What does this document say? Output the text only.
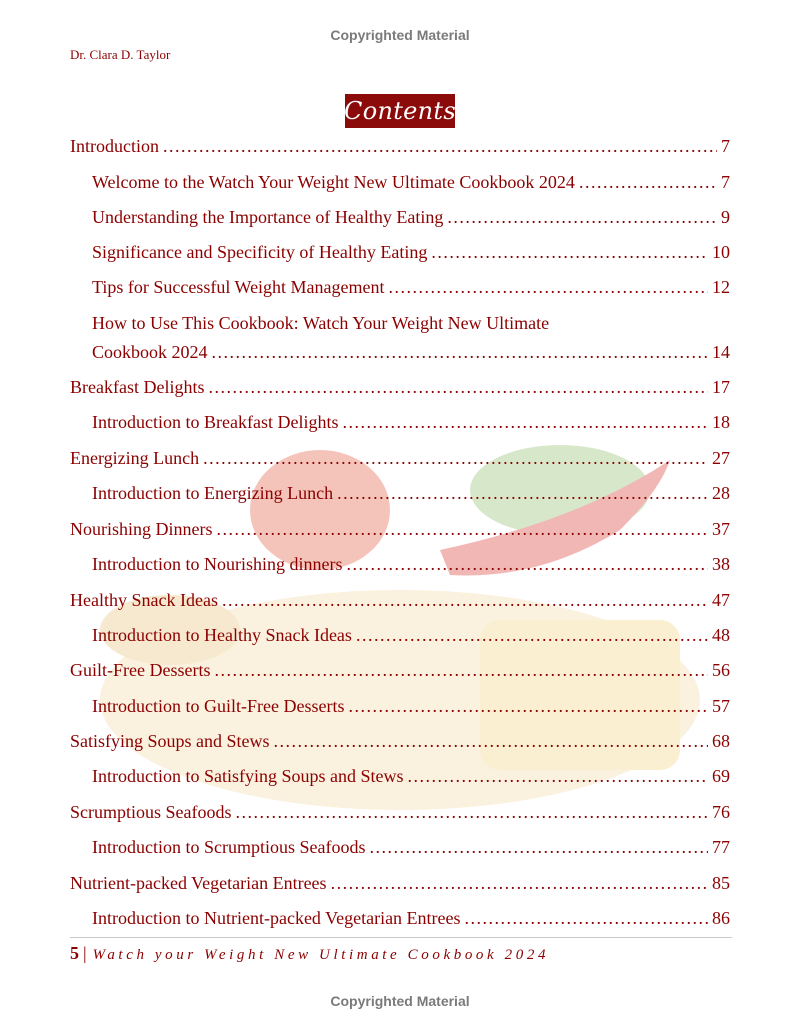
Copyrighted Material
Dr. Clara D. Taylor
Contents
Introduction .....	7
Welcome to the Watch Your Weight New Ultimate Cookbook 2024 .....	7
Understanding the Importance of Healthy Eating .....	9
Significance and Specificity of Healthy Eating .....	10
Tips for Successful Weight Management .....	12
How to Use This Cookbook: Watch Your Weight New Ultimate
Cookbook 2024 .....	14
Breakfast Delights .....	17
Introduction to Breakfast Delights .....	18
Energizing Lunch .....	27
Introduction to Energizing Lunch .....	28
Nourishing Dinners .....	37
Introduction to Nourishing dinners .....	38
Healthy Snack Ideas .....	47
Introduction to Healthy Snack Ideas .....	48
Guilt-Free Desserts .....	56
Introduction to Guilt-Free Desserts .....	57
Satisfying Soups and Stews .....	68
Introduction to Satisfying Soups and Stews .....	69
Scrumptious Seafoods .....	76
Introduction to Scrumptious Seafoods .....	77
Nutrient-packed Vegetarian Entrees .....	85
Introduction to Nutrient-packed Vegetarian Entrees .....	86
5 | Watch your Weight New Ultimate Cookbook 2024
Copyrighted Material
